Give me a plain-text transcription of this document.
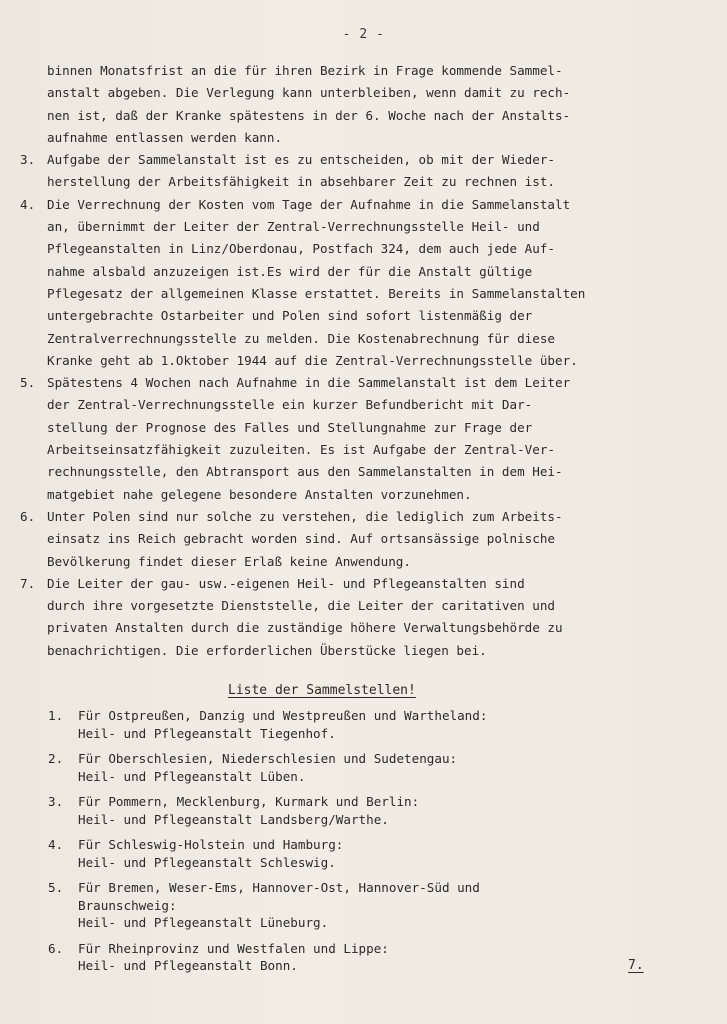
- 2 -
binnen Monatsfrist an die für ihren Bezirk in Frage kommende Sammel-
anstalt abgeben. Die Verlegung kann unterbleiben, wenn damit zu rech-
nen ist, daß der Kranke spätestens in der 6. Woche nach der Anstalts-
aufnahme entlassen werden kann.
3. Aufgabe der Sammelanstalt ist es zu entscheiden, ob mit der Wieder-
herstellung der Arbeitsfähigkeit in absehbarer Zeit zu rechnen ist.
4. Die Verrechnung der Kosten vom Tage der Aufnahme in die Sammelanstalt
an, übernimmt der Leiter der Zentral-Verrechnungsstelle Heil- und
Pflegeanstalten in Linz/Oberdonau, Postfach 324, dem auch jede Auf-
nahme alsbald anzuzeigen ist.Es wird der für die Anstalt gültige
Pflegesatz der allgemeinen Klasse erstattet. Bereits in Sammelanstalten
untergebrachte Ostarbeiter und Polen sind sofort listenmäßig der
Zentralverrechnungsstelle zu melden. Die Kostenabrechnung für diese
Kranke geht ab 1.Oktober 1944 auf die Zentral-Verrechnungsstelle über.
5. Spätestens 4 Wochen nach Aufnahme in die Sammelanstalt ist dem Leiter
der Zentral-Verrechnungsstelle ein kurzer Befundbericht mit Dar-
stellung der Prognose des Falles und Stellungnahme zur Frage der
Arbeitseinsatzfähigkeit zuzuleiten. Es ist Aufgabe der Zentral-Ver-
rechnungsstelle, den Abtransport aus den Sammelanstalten in dem Hei-
matgebiet nahe gelegene besondere Anstalten vorzunehmen.
6. Unter Polen sind nur solche zu verstehen, die lediglich zum Arbeits-
einsatz ins Reich gebracht worden sind. Auf ortsansässige polnische
Bevölkerung findet dieser Erlaß keine Anwendung.
7. Die Leiter der gau- usw.-eigenen Heil- und Pflegeanstalten sind
durch ihre vorgesetzte Dienststelle, die Leiter der caritativen und
privaten Anstalten durch die zuständige höhere Verwaltungsbehörde zu
benachrichtigen. Die erforderlichen Überstücke liegen bei.
Liste der Sammelstellen!
1. Für Ostpreußen, Danzig und Westpreußen und Wartheland:
Heil- und Pflegeanstalt Tiegenhof.
2. Für Oberschlesien, Niederschlesien und Sudetengau:
Heil- und Pflegeanstalt Lüben.
3. Für Pommern, Mecklenburg, Kurmark und Berlin:
Heil- und Pflegeanstalt Landsberg/Warthe.
4. Für Schleswig-Holstein und Hamburg:
Heil- und Pflegeanstalt Schleswig.
5. Für Bremen, Weser-Ems, Hannover-Ost, Hannover-Süd und
Braunschweig:
Heil- und Pflegeanstalt Lüneburg.
6. Für Rheinprovinz und Westfalen und Lippe:
Heil- und Pflegeanstalt Bonn.	7.
